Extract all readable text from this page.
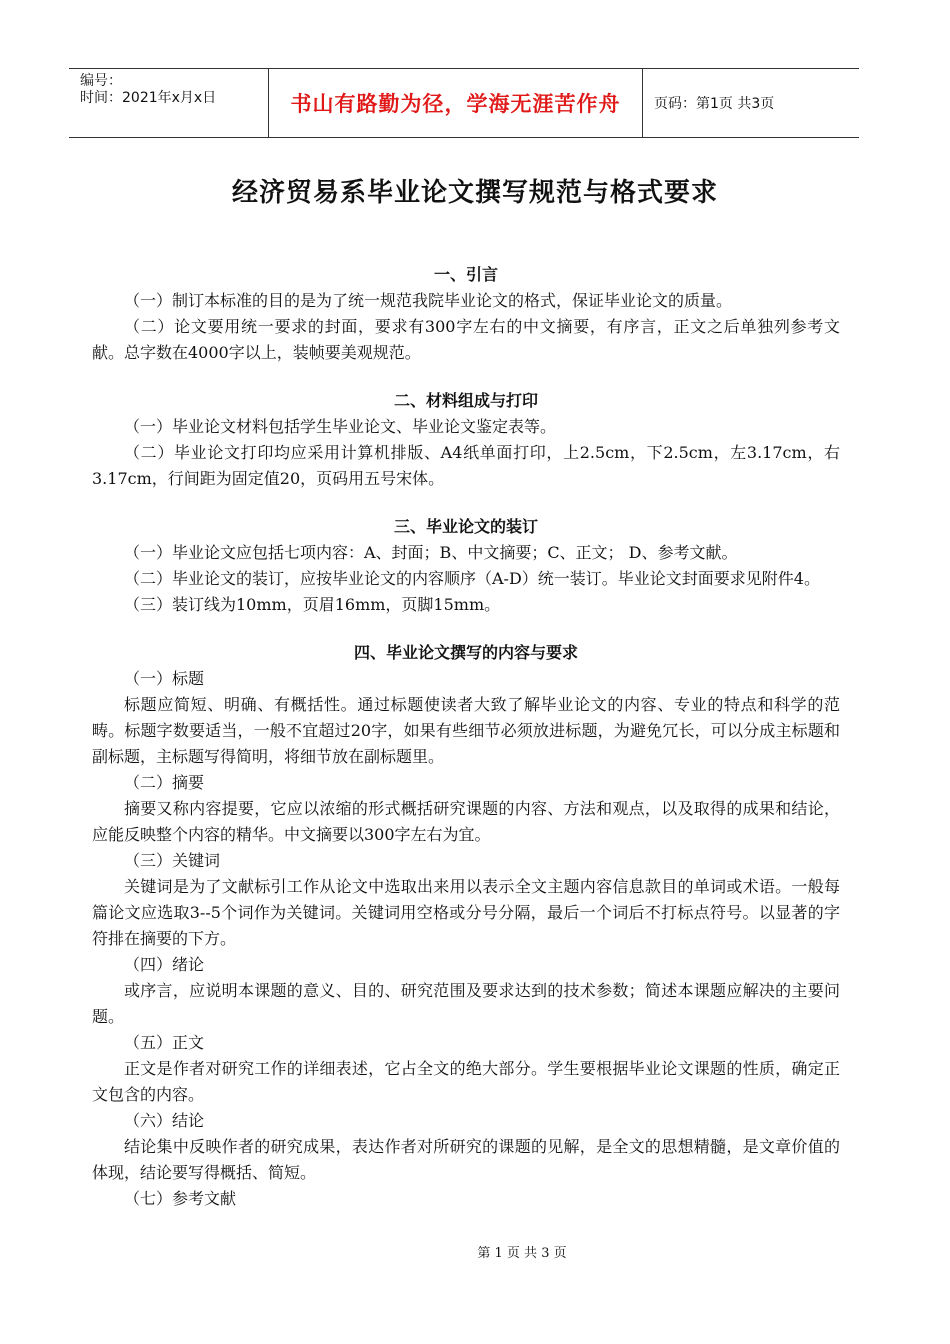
编号：
时间：2021年x月x日	书山有路勤为径，学海无涯苦作舟 页码：第1页 共3页
经济贸易系毕业论文撰写规范与格式要求
一、引言

（一）制订本标准的目的是为了统一规范我院毕业论文的格式，保证毕业论文的质量。

（二）论文要用统一要求的封面，要求有300字左右的中文摘要，有序言，正文之后单独列参考文献。总字数在4000字以上，装帧要美观规范。

二、材料组成与打印

（一）毕业论文材料包括学生毕业论文、毕业论文鉴定表等。

（二）毕业论文打印均应采用计算机排版、A4纸单面打印，上2.5cm，下2.5cm，左3.17cm，右3.17cm，行间距为固定值20，页码用五号宋体。

三、毕业论文的装订

（一）毕业论文应包括七项内容：A、封面；B、中文摘要；C、正文； D、参考文献。

（二）毕业论文的装订，应按毕业论文的内容顺序（A-D）统一装订。毕业论文封面要求见附件4。

（三）装订线为10mm，页眉16mm，页脚15mm。

四、毕业论文撰写的内容与要求

（一）标题

标题应简短、明确、有概括性。通过标题使读者大致了解毕业论文的内容、专业的特点和科学的范畴。标题字数要适当，一般不宜超过20字，如果有些细节必须放进标题，为避免冗长，可以分成主标题和副标题，主标题写得简明，将细节放在副标题里。

（二）摘要

摘要又称内容提要，它应以浓缩的形式概括研究课题的内容、方法和观点，以及取得的成果和结论，应能反映整个内容的精华。中文摘要以300字左右为宜。

（三）关键词

关键词是为了文献标引工作从论文中选取出来用以表示全文主题内容信息款目的单词或术语。一般每篇论文应选取3--5个词作为关键词。关键词用空格或分号分隔，最后一个词后不打标点符号。以显著的字符排在摘要的下方。

（四）绪论

或序言，应说明本课题的意义、目的、研究范围及要求达到的技术参数；简述本课题应解决的主要问题。

（五）正文

正文是作者对研究工作的详细表述，它占全文的绝大部分。学生要根据毕业论文课题的性质，确定正文包含的内容。

（六）结论

结论集中反映作者的研究成果，表达作者对所研究的课题的见解，是全文的思想精髓，是文章价值的体现，结论要写得概括、简短。

（七）参考文献

第 1 页 共 3 页
